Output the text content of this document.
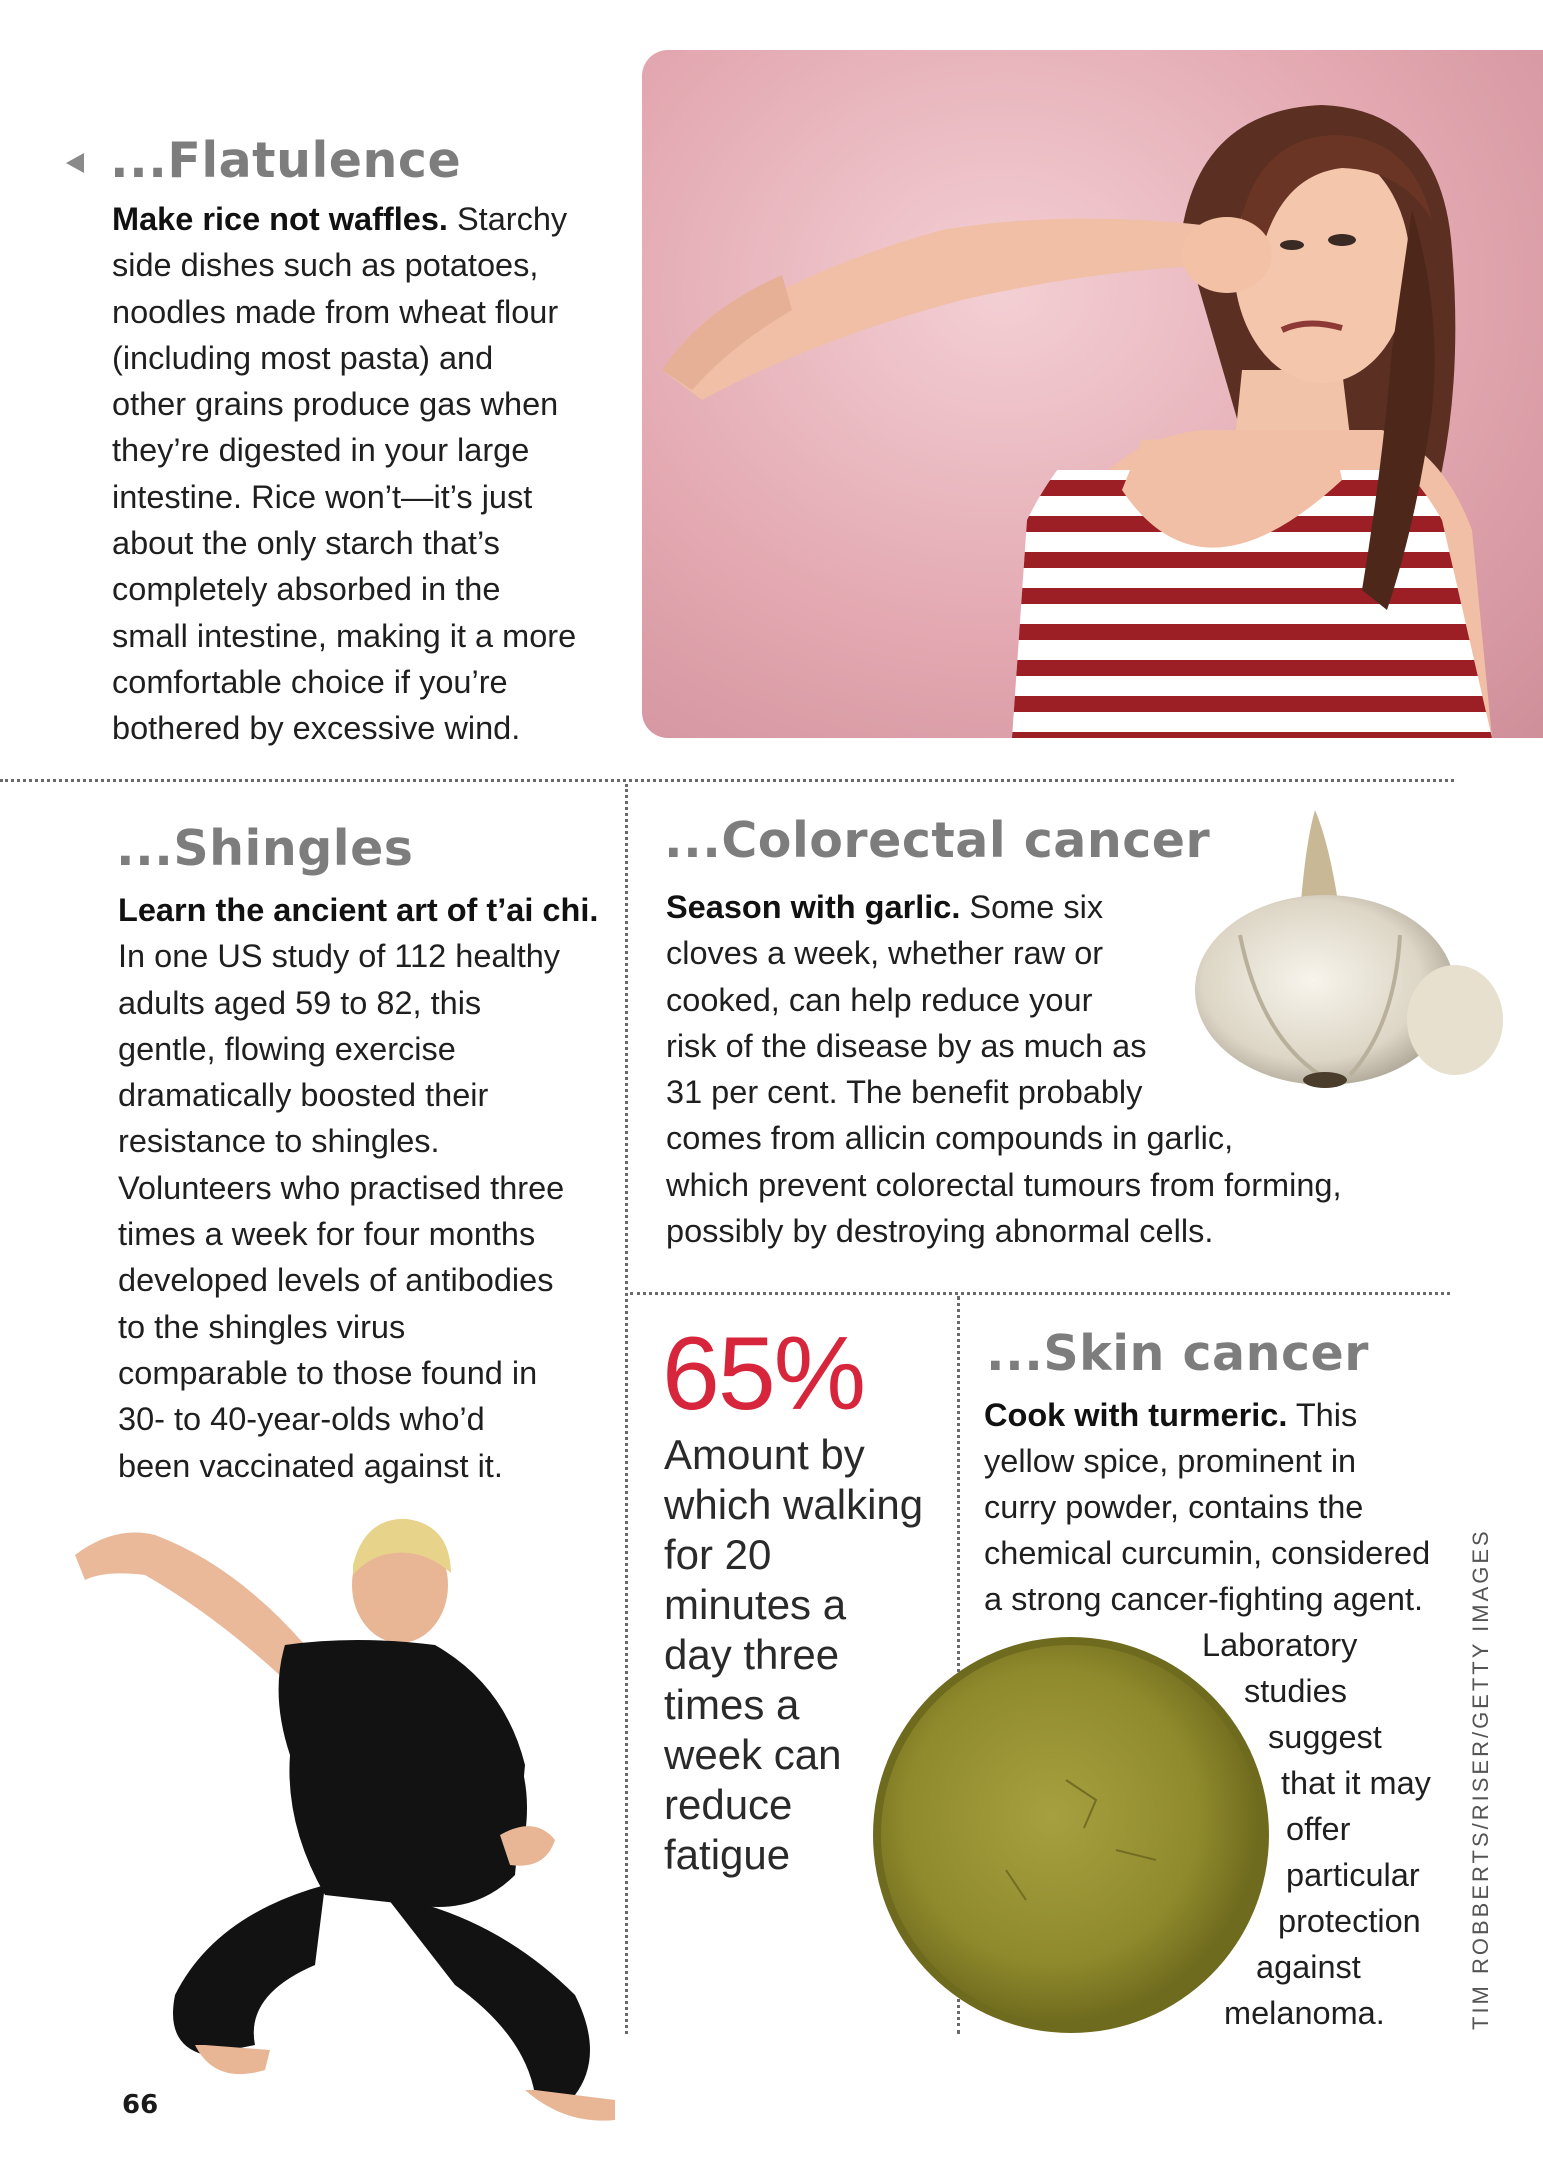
...Flatulence

Make rice not waffles. Starchy
side dishes such as potatoes,
noodles made from wheat flour
(including most pasta) and
other grains produce gas when
they’re digested in your large
intestine. Rice won’t—it’s just
about the only starch that’s
completely absorbed in the
small intestine, making it a more
comfortable choice if you’re
bothered by excessive wind.

...Shingles

Learn the ancient art of t’ai chi.
In one US study of 112 healthy
adults aged 59 to 82, this
gentle, flowing exercise
dramatically boosted their
resistance to shingles.
Volunteers who practised three
times a week for four months
developed levels of antibodies
to the shingles virus
comparable to those found in
30- to 40-year-olds who’d
been vaccinated against it.

...Colorectal cancer

Season with garlic. Some six
cloves a week, whether raw or
cooked, can help reduce your
risk of the disease by as much as
31 per cent. The benefit probably
comes from allicin compounds in garlic,
which prevent colorectal tumours from forming,
possibly by destroying abnormal cells.

65%
Amount by
which walking
for 20
minutes a
day three
times a
week can
reduce
fatigue
...Skin cancer
Cook with turmeric. This
yellow spice, prominent in
curry powder, contains the
chemical curcumin, considered
a strong cancer-fighting agent.
Laboratory
studies
suggest
that it may
offer
particular
protection
against
melanoma.	TIM ROBBERTS/RISER/GETTY IMAGES
66
